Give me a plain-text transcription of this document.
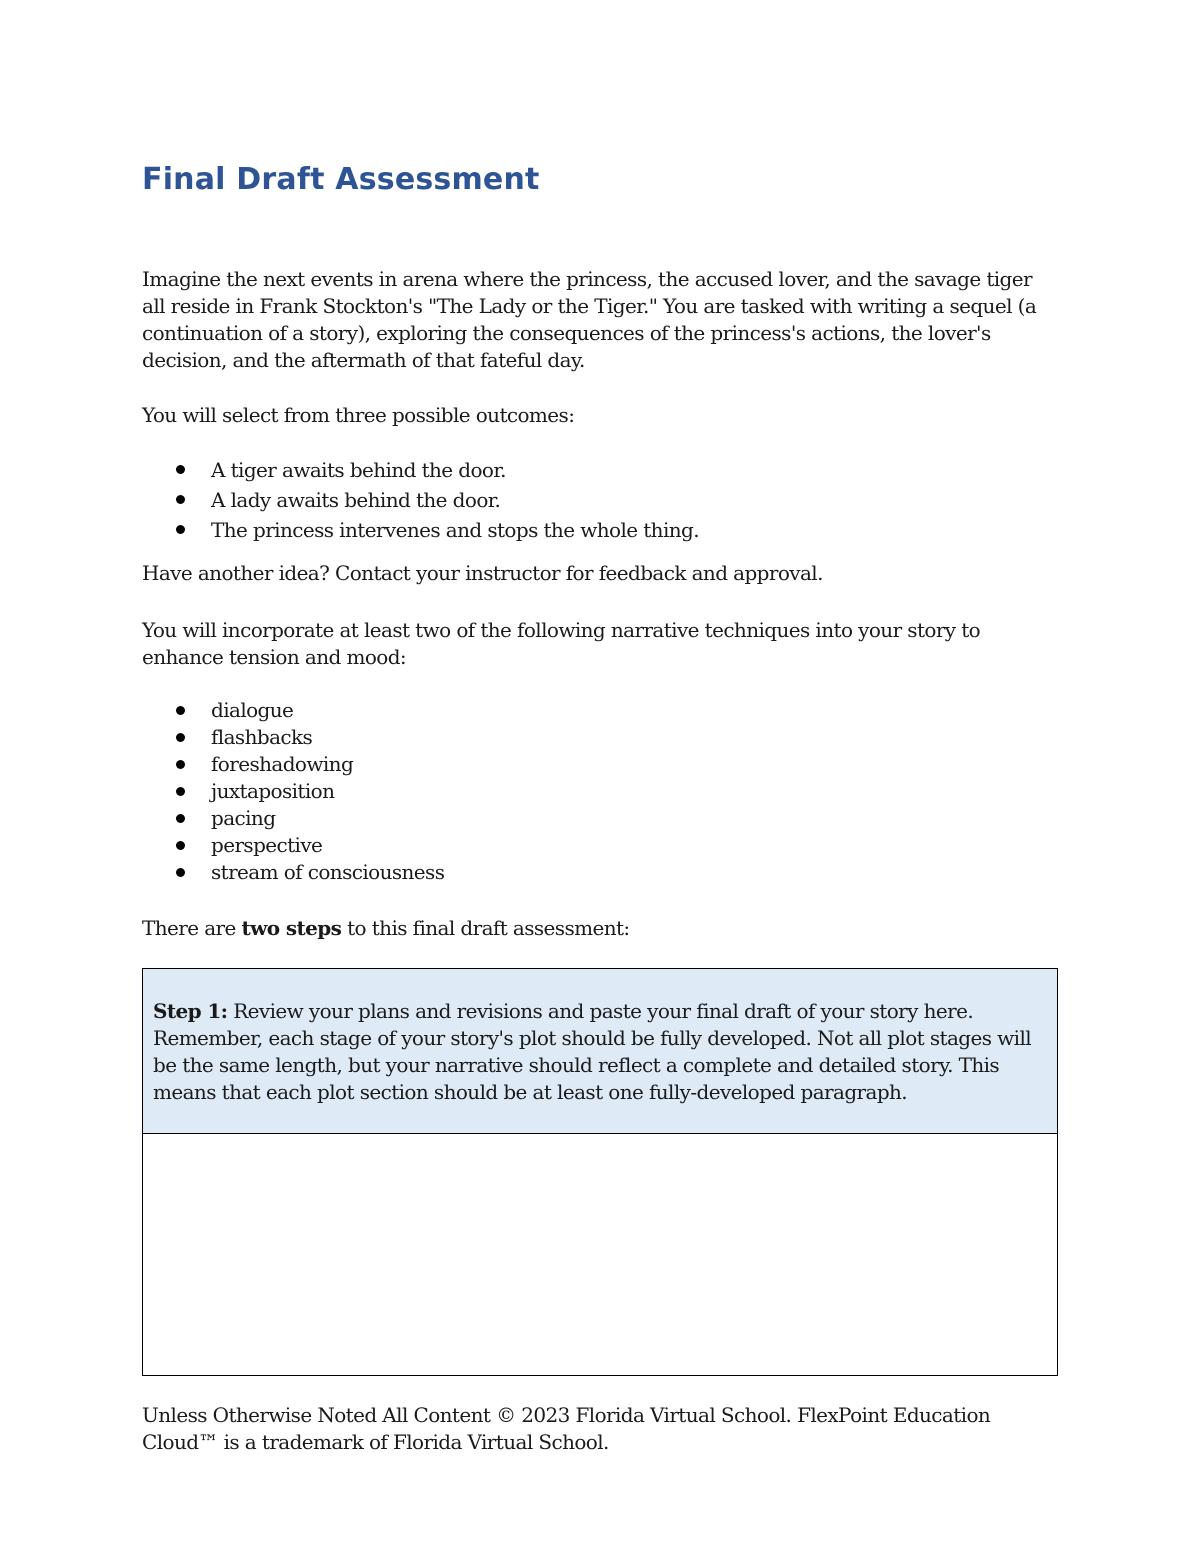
Final Draft Assessment

Imagine the next events in arena where the princess, the accused lover, and the savage tiger all reside in Frank Stockton's "The Lady or the Tiger." You are tasked with writing a sequel (a continuation of a story), exploring the consequences of the princess's actions, the lover's decision, and the aftermath of that fateful day.

You will select from three possible outcomes:

A tiger awaits behind the door.
A lady awaits behind the door.
The princess intervenes and stops the whole thing.

Have another idea? Contact your instructor for feedback and approval.

You will incorporate at least two of the following narrative techniques into your story to enhance tension and mood:

dialogue
flashbacks
foreshadowing
juxtaposition
pacing
perspective
stream of consciousness

There are two steps to this final draft assessment:

Step 1: Review your plans and revisions and paste your final draft of your story here. Remember, each stage of your story's plot should be fully developed. Not all plot stages will be the same length, but your narrative should reflect a complete and detailed story. This means that each plot section should be at least one fully-developed paragraph.

Unless Otherwise Noted All Content © 2023 Florida Virtual School. FlexPoint Education Cloud™ is a trademark of Florida Virtual School.
